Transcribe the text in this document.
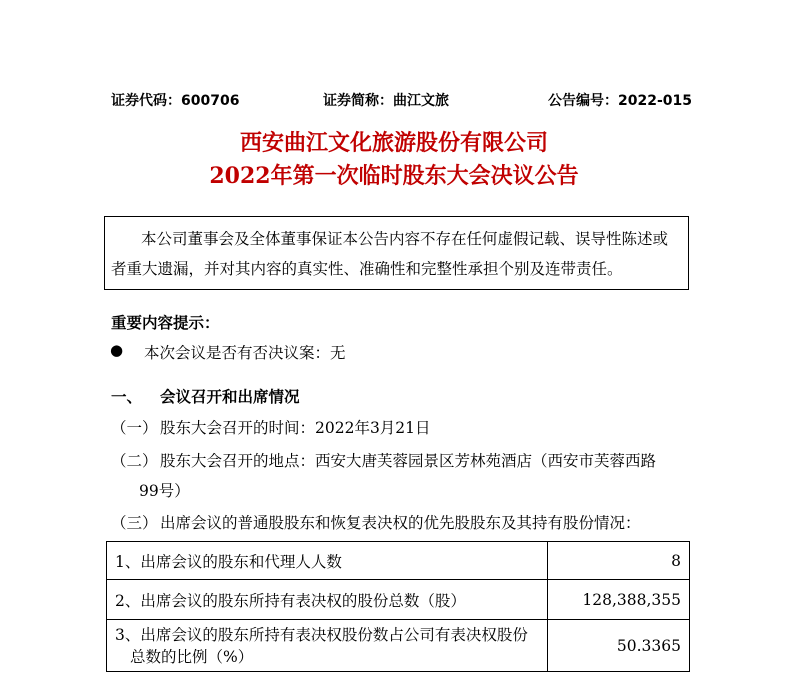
证券代码：600706	证券简称：曲江文旅	公告编号：2022-015
西安曲江文化旅游股份有限公司
2022年第一次临时股东大会决议公告
本公司董事会及全体董事保证本公告内容不存在任何虚假记载、误导性陈述或
者重大遗漏，并对其内容的真实性、准确性和完整性承担个别及连带责任。
重要内容提示：
● 本次会议是否有否决议案：无
一、 会议召开和出席情况
（一） 股东大会召开的时间：2022年3月21日
（二） 股东大会召开的地点：西安大唐芙蓉园景区芳林苑酒店（西安市芙蓉西路
99号）
（三） 出席会议的普通股股东和恢复表决权的优先股股东及其持有股份情况：
1、出席会议的股东和代理人人数	8
2、出席会议的股东所持有表决权的股份总数（股）	128,388,355

3、出席会议的股东所持有表决权股份数占公司有表决权股份
总数的比例（%）	50.3365
